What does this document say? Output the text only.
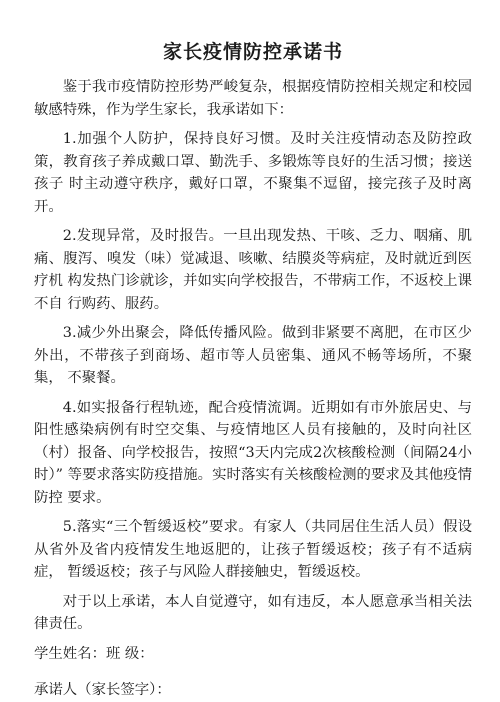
家长疫情防控承诺书

鉴于我市疫情防控形势严峻复杂，根据疫情防控相关规定和校园 敏感特殊，作为学生家长，我承诺如下：

1.加强个人防护，保持良好习惯。及时关注疫情动态及防控政策，教育孩子养成戴口罩、勤洗手、多锻炼等良好的生活习惯；接送孩子 时主动遵守秩序，戴好口罩，不聚集不逗留，接完孩子及时离开。

2.发现异常，及时报告。一旦出现发热、干咳、乏力、咽痛、肌痛、腹泻、嗅发（味）觉减退、咳嗽、结膜炎等病症，及时就近到医疗机 构发热门诊就诊，并如实向学校报告，不带病工作，不返校上课不自 行购药、服药。

3.减少外出聚会，降低传播风险。做到非紧要不离肥，在市区少 外出，不带孩子到商场、超市等人员密集、通风不畅等场所，不聚集， 不聚餐。

4.如实报备行程轨迹，配合疫情流调。近期如有市外旅居史、与 阳性感染病例有时空交集、与疫情地区人员有接触的，及时向社区（村）报备、向学校报告，按照“3天内完成2次核酸检测（间隔24小时）” 等要求落实防疫措施。实时落实有关核酸检测的要求及其他疫情防控 要求。

5.落实“三个暂缓返校”要求。有家人（共同居住生活人员）假设从省外及省内疫情发生地返肥的，让孩子暂缓返校；孩子有不适病症， 暂缓返校；孩子与风险人群接触史，暂缓返校。

对于以上承诺，本人自觉遵守，如有违反，本人愿意承当相关法 律责任。

学生姓名：班 级：
承诺人（家长签字）：
